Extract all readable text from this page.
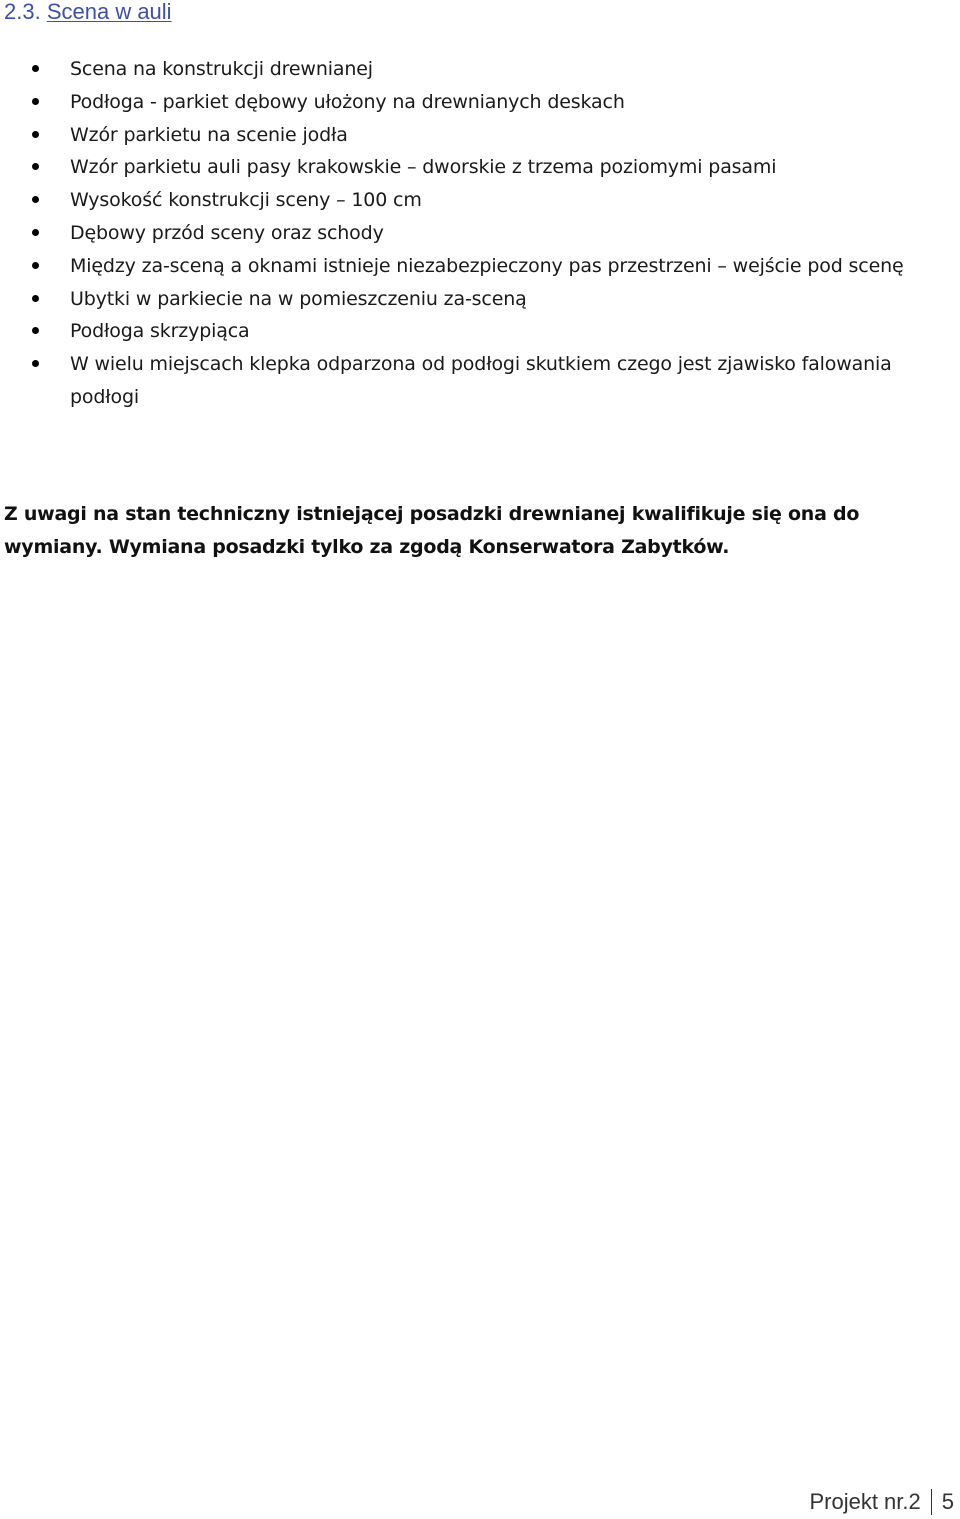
2.3. Scena w auli
Scena na konstrukcji drewnianej
Podłoga - parkiet dębowy ułożony na drewnianych deskach
Wzór parkietu na scenie jodła
Wzór parkietu auli pasy krakowskie – dworskie z trzema poziomymi pasami
Wysokość konstrukcji sceny – 100 cm
Dębowy przód sceny oraz schody
Między za-sceną a oknami istnieje niezabezpieczony pas przestrzeni – wejście pod scenę
Ubytki w parkiecie na w pomieszczeniu za-sceną
Podłoga skrzypiąca
W wielu miejscach klepka odparzona od podłogi skutkiem czego jest zjawisko falowania podłogi

Z uwagi na stan techniczny istniejącej posadzki drewnianej kwalifikuje się ona do wymiany. Wymiana posadzki tylko za zgodą Konserwatora Zabytków.

Projekt nr.2 5
